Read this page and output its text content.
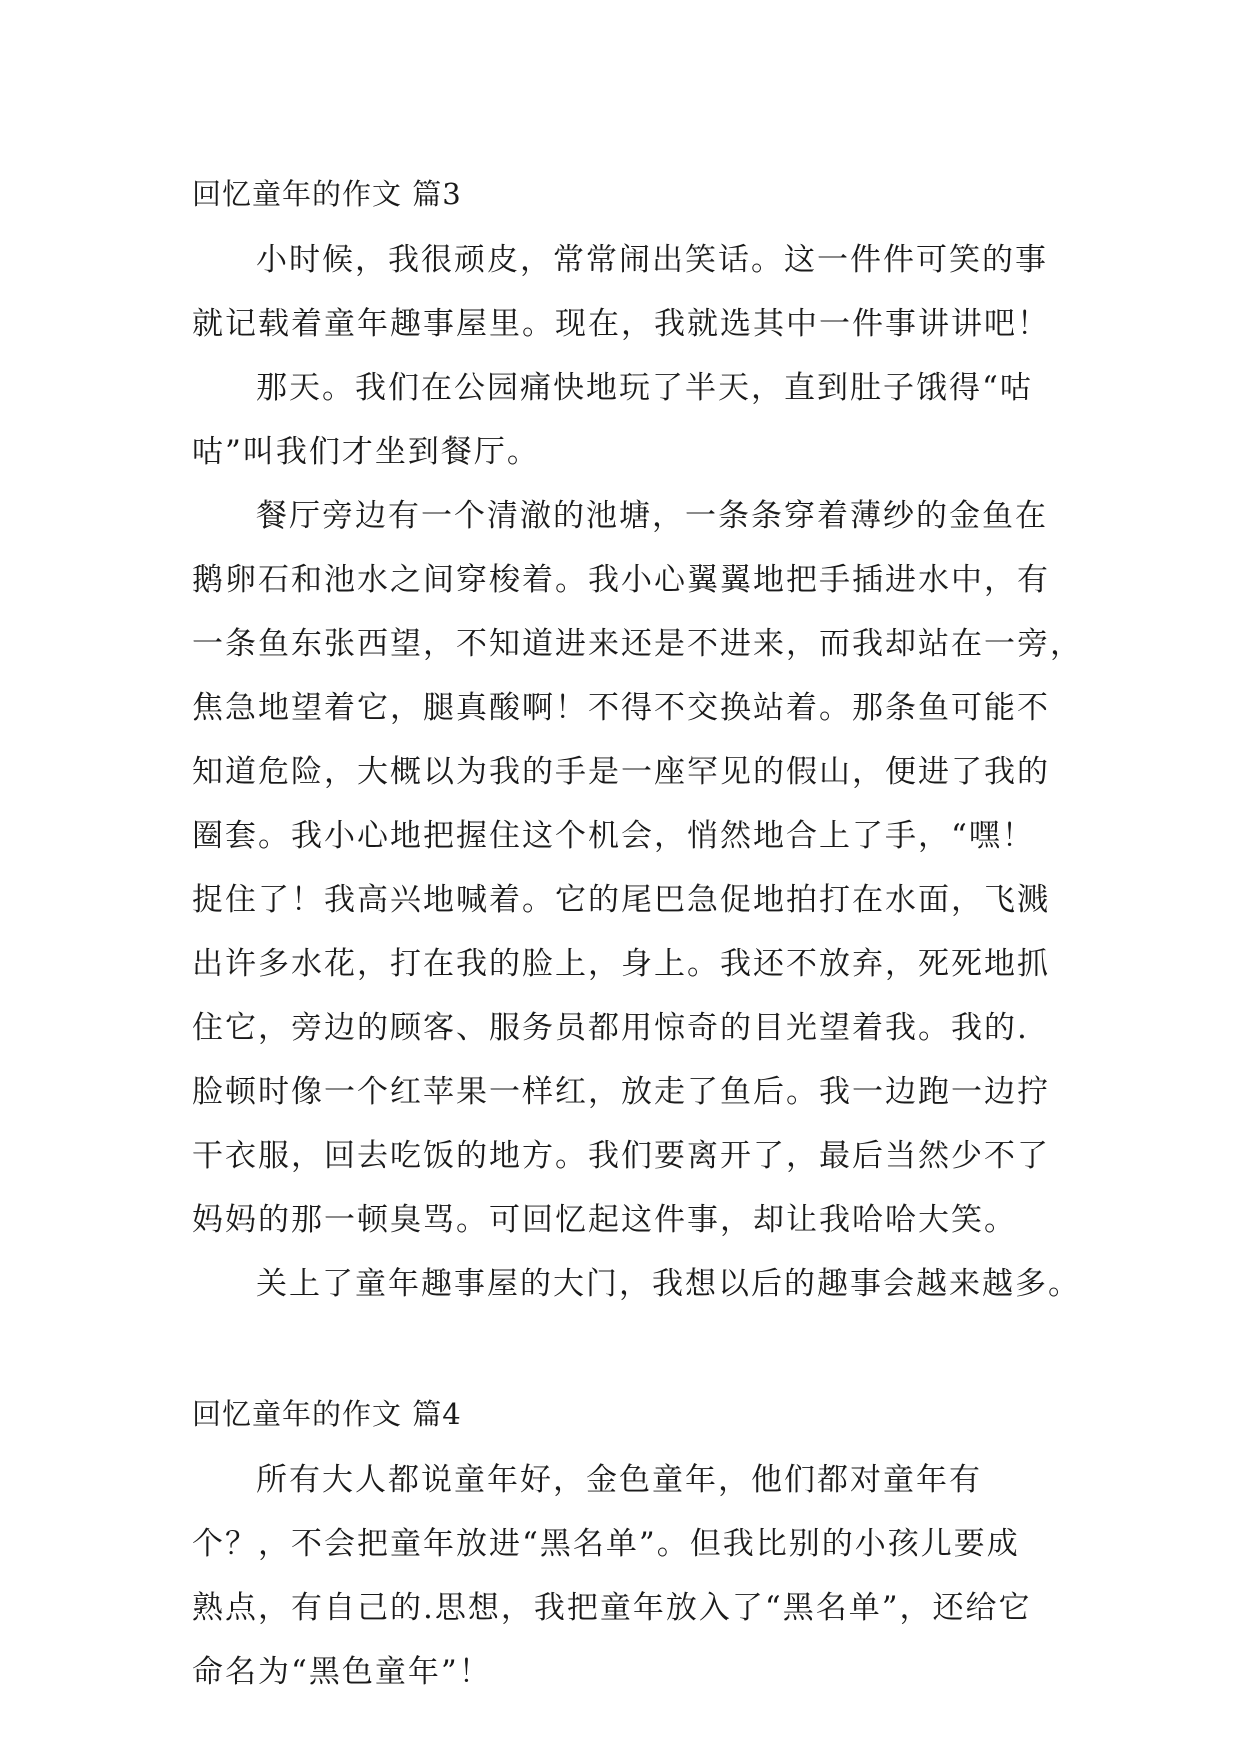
回忆童年的作文 篇3
小时候，我很顽皮，常常闹出笑话。这一件件可笑的事
就记载着童年趣事屋里。现在，我就选其中一件事讲讲吧！
那天。我们在公园痛快地玩了半天，直到肚子饿得“咕
咕”叫我们才坐到餐厅。
餐厅旁边有一个清澈的池塘，一条条穿着薄纱的金鱼在
鹅卵石和池水之间穿梭着。我小心翼翼地把手插进水中，有
一条鱼东张西望，不知道进来还是不进来，而我却站在一旁，
焦急地望着它，腿真酸啊！不得不交换站着。那条鱼可能不
知道危险，大概以为我的手是一座罕见的假山，便进了我的
圈套。我小心地把握住这个机会，悄然地合上了手，“嘿！
捉住了！我高兴地喊着。它的尾巴急促地拍打在水面，飞溅
出许多水花，打在我的脸上，身上。我还不放弃，死死地抓
住它，旁边的顾客、服务员都用惊奇的目光望着我。我的.
脸顿时像一个红苹果一样红，放走了鱼后。我一边跑一边拧
干衣服，回去吃饭的地方。我们要离开了，最后当然少不了
妈妈的那一顿臭骂。可回忆起这件事，却让我哈哈大笑。
关上了童年趣事屋的大门，我想以后的趣事会越来越多。
回忆童年的作文 篇4
所有大人都说童年好，金色童年，他们都对童年有
个？，不会把童年放进“黑名单”。但我比别的小孩儿要成
熟点，有自己的.思想，我把童年放入了“黑名单”，还给它
命名为“黑色童年”！
